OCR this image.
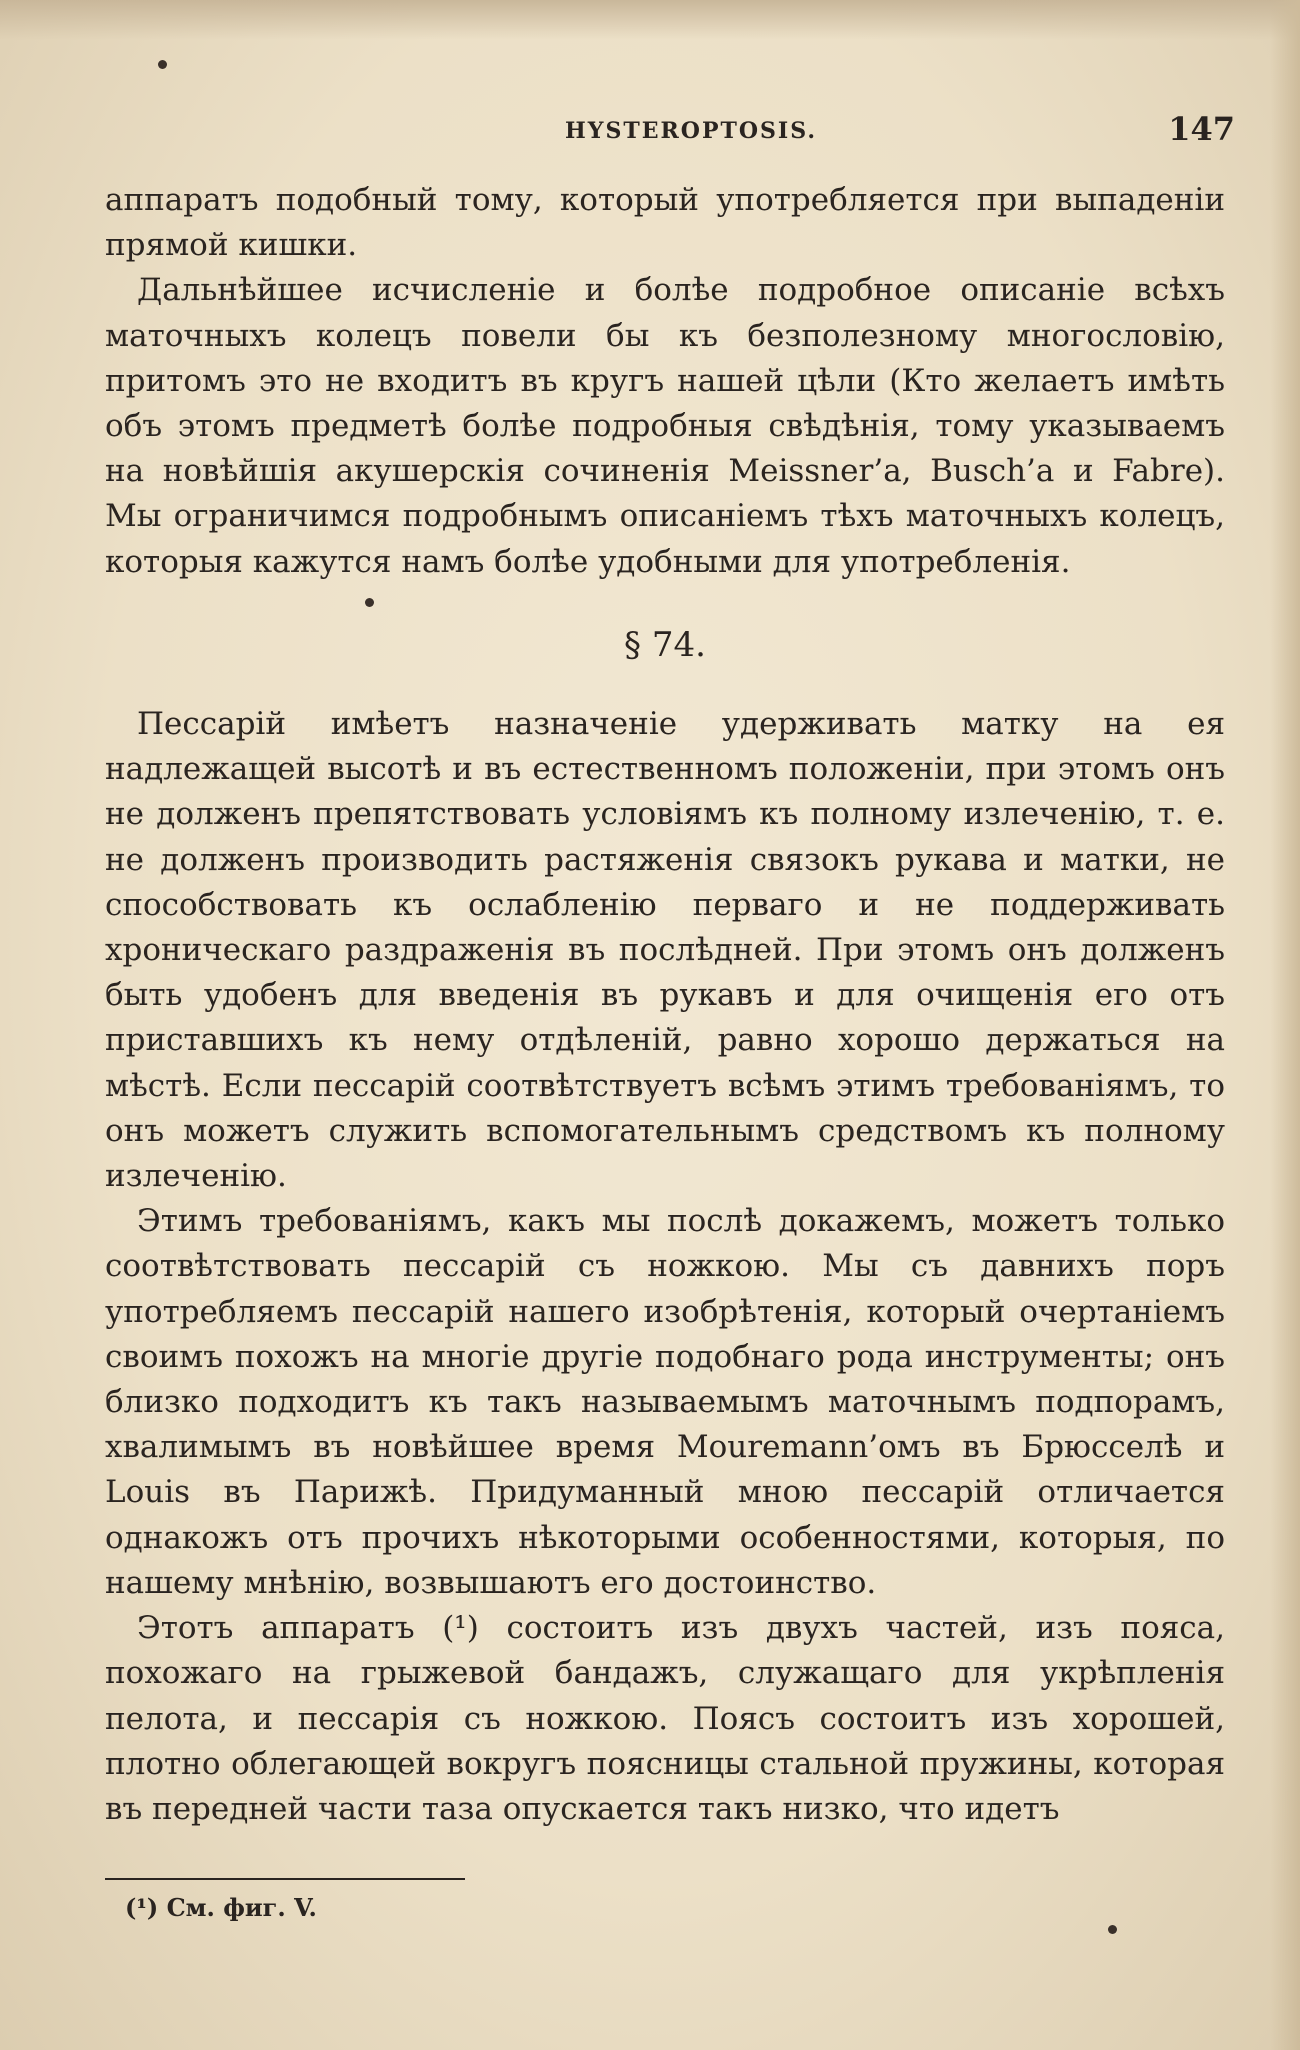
HYSTEROPTOSIS.	147

аппаратъ подобный тому, который употребляется при выпаденіи прямой кишки.

Дальнѣйшее исчисленіе и болѣе подробное описаніе всѣхъ маточныхъ колецъ повели бы къ безполезному многословію, притомъ это не входитъ въ кругъ нашей цѣли (Кто желаетъ имѣть объ этомъ предметѣ болѣе подробныя свѣдѣнія, тому указываемъ на новѣйшія акушерскія сочиненія Meissner’a, Busch’a и Fabre). Мы ограничимся подробнымъ описаніемъ тѣхъ маточныхъ колецъ, которыя кажутся намъ болѣе удобными для употребленія.

§ 74.

Пессарій имѣетъ назначеніе удерживать матку на ея надлежащей высотѣ и въ естественномъ положеніи, при этомъ онъ не долженъ препятствовать условіямъ къ полному излеченію, т. е. не долженъ производить растяженія связокъ рукава и матки, не способствовать къ ослабленію перваго и не поддерживать хроническаго раздраженія въ послѣдней. При этомъ онъ долженъ быть удобенъ для введенія въ рукавъ и для очищенія его отъ приставшихъ къ нему отдѣленій, равно хорошо держаться на мѣстѣ. Если пессарій соотвѣтствуетъ всѣмъ этимъ требованіямъ, то онъ можетъ служить вспомогательнымъ средствомъ къ полному излеченію.

Этимъ требованіямъ, какъ мы послѣ докажемъ, можетъ только соотвѣтствовать пессарій съ ножкою. Мы съ давнихъ поръ употребляемъ пессарій нашего изобрѣтенія, который очертаніемъ своимъ похожъ на многіе другіе подобнаго рода инструменты; онъ близко подходитъ къ такъ называемымъ маточнымъ подпорамъ, хвалимымъ въ новѣйшее время Mouremann’омъ въ Брюсселѣ и Louis въ Парижѣ. Придуманный мною пессарій отличается однакожъ отъ прочихъ нѣкоторыми особенностями, которыя, по нашему мнѣнію, возвышаютъ его достоинство.

Этотъ аппаратъ (¹) состоитъ изъ двухъ частей, изъ пояса, похожаго на грыжевой бандажъ, служащаго для укрѣпленія пелота, и пессарія съ ножкою. Поясъ состоитъ изъ хорошей, плотно облегающей вокругъ поясницы стальной пружины, которая въ передней части таза опускается такъ низко, что идетъ

(¹) См. фиг. V.
